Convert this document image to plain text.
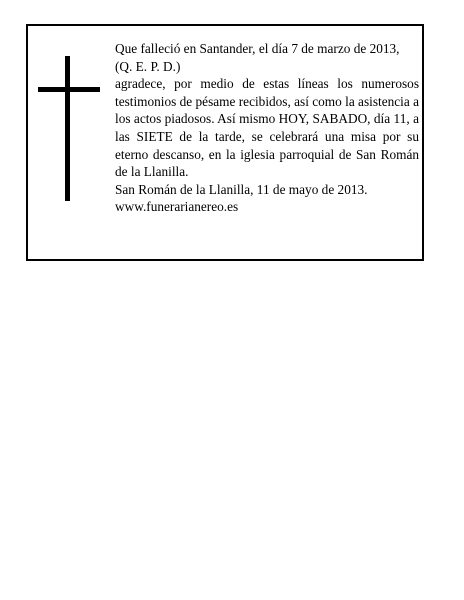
Que falleció en Santander, el día 7 de marzo de 2013,
(Q. E. P. D.)
agradece, por medio de estas líneas los numerosos testimonios de pésame recibidos, así como la asistencia a los actos piadosos. Así mismo HOY, SABADO, día 11, a las SIETE de la tarde, se celebrará una misa por su eterno descanso, en la iglesia parroquial de San Román de la Llanilla.
San Román de la Llanilla, 11 de mayo de 2013.
www.funerarianereo.es
